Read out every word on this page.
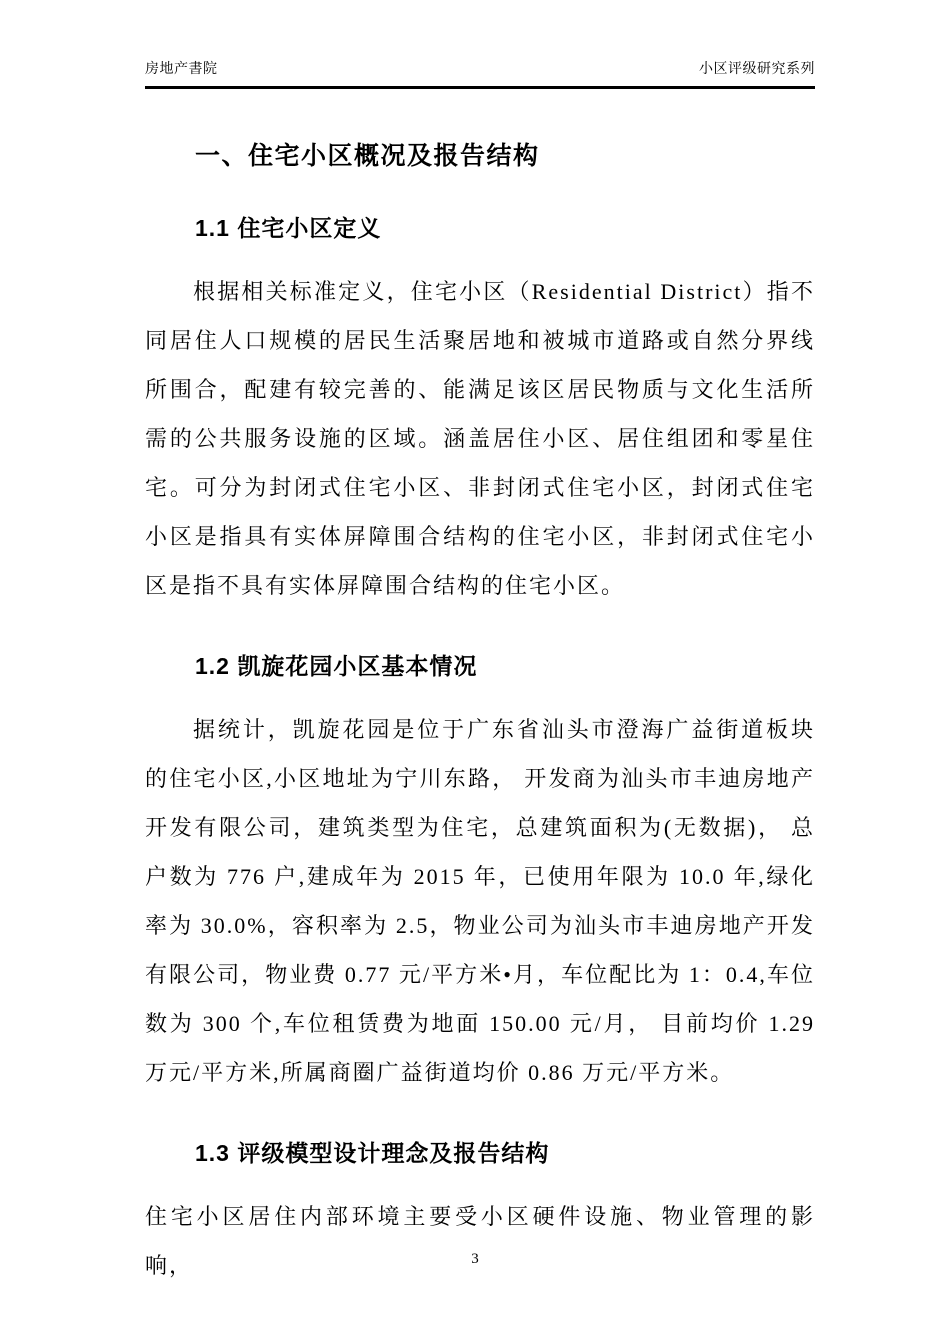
房地产書院	小区评级研究系列
一、住宅小区概况及报告结构
1.1 住宅小区定义

根据相关标准定义，住宅小区（Residential District）指不同居住人口规模的居民生活聚居地和被城市道路或自然分界线所围合，配建有较完善的、能满足该区居民物质与文化生活所需的公共服务设施的区域。涵盖居住小区、居住组团和零星住宅。可分为封闭式住宅小区、非封闭式住宅小区，封闭式住宅小区是指具有实体屏障围合结构的住宅小区，非封闭式住宅小区是指不具有实体屏障围合结构的住宅小区。

1.2 凯旋花园小区基本情况

据统计，凯旋花园是位于广东省汕头市澄海广益街道板块的住宅小区,小区地址为宁川东路， 开发商为汕头市丰迪房地产开发有限公司，建筑类型为住宅，总建筑面积为(无数据)， 总户数为 776 户,建成年为 2015 年，已使用年限为 10.0 年,绿化率为 30.0%，容积率为 2.5，物业公司为汕头市丰迪房地产开发有限公司，物业费 0.77 元/平方米•月，车位配比为 1：0.4,车位数为 300 个,车位租赁费为地面 150.00 元/月， 目前均价 1.29 万元/平方米,所属商圈广益街道均价 0.86 万元/平方米。

1.3 评级模型设计理念及报告结构

住宅小区居住内部环境主要受小区硬件设施、物业管理的影响，	3
